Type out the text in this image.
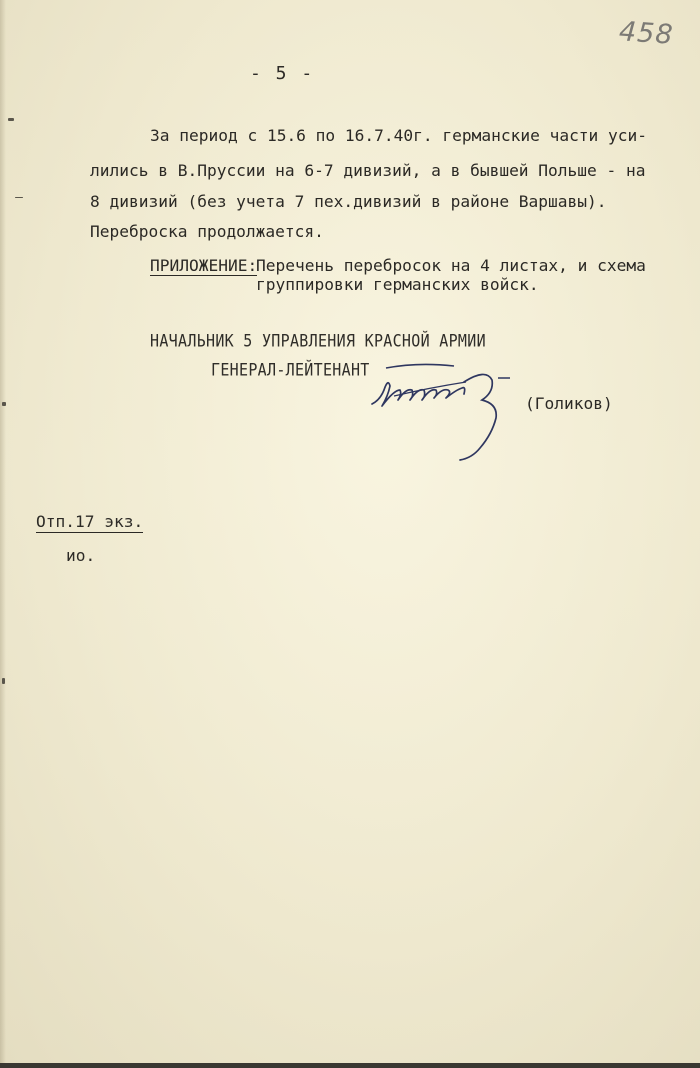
458
- 5 -
За период с 15.6 по 16.7.40г. германские части уси-
лились в В.Пруссии на 6-7 дивизий, а в бывшей Польше - на
8 дивизий (без учета 7 пех.дивизий в районе Варшавы).
Переброска продолжается.
ПРИЛОЖЕНИЕ:
Перечень перебросок на 4 листах, и схема
группировки германских войск.
НАЧАЛЬНИК 5 УПРАВЛЕНИЯ КРАСНОЙ АРМИИ
ГЕНЕРАЛ-ЛЕЙТЕНАНТ
(Голиков)
Отп.17 экз.
ио.
